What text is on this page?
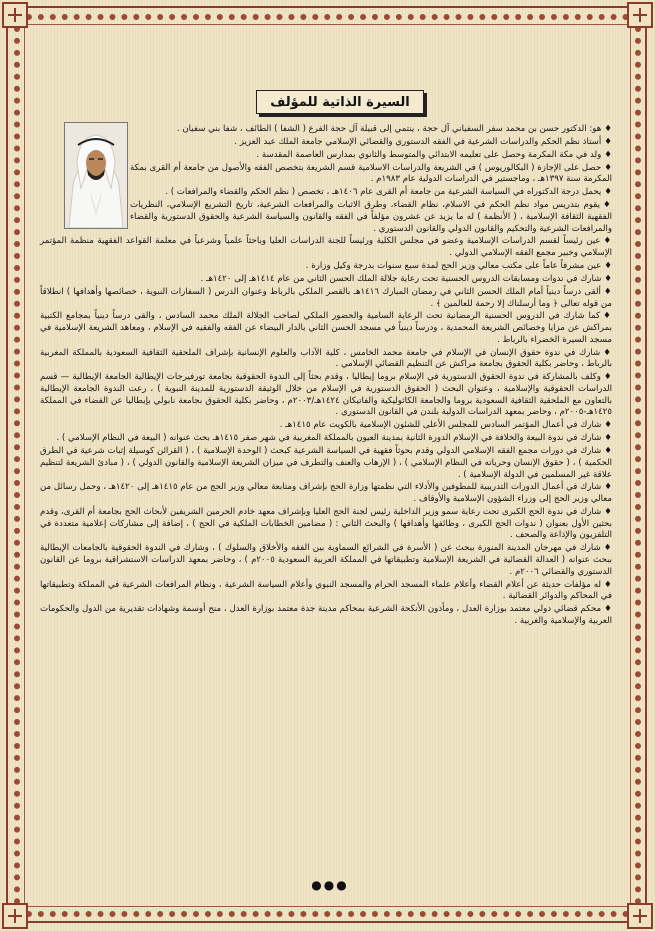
السيرة الذاتية للمؤلف

♦هو: الدكتور حسن بن محمد سفر السفياني آل حجة ، ينتمي إلى قبيلة آل حجة الفرع ( الشفا ) الطائف ، شفا بني سفيان .

♦أستاذ نظم الحكم والدراسات الشرعية في الفقه الدستوري والقضائي الإسلامي جامعة الملك عبد العزيز .

♦ولد في مكة المكرمة وحصل على تعليمه الابتدائي والمتوسط والثانوي بمدارس العاصمة المقدسة .

♦حصل على الإجازة ( البكالوريوس ) في الشريعة والدراسات الاسلامية قسم الشريعة بتخصص الفقه والأصول من جامعة أم القرى بمكة المكرمة سنة ١٣٩٧هـ ، وماجستير في الدراسات الدولية عام ١٩٨٣م .

♦يحمل درجة الدكتوراه في السياسة الشرعية من جامعة أم القرى عام ١٤٠٦هـ ، تخصص ( نظم الحكم والقضاء والمرافعات ) .

♦يقوم بتدريس مواد نظم الحكم في الاسلام، نظام القضاء، وطرق الاثبات والمرافعات الشرعية، تاريخ التشريع الإسلامي، النظريات الفقهية الثقافة الإسلامية ، ( الأنظمة ) له ما يزيد عن عشرون مؤلفاً في الفقه والقانون والسياسة الشرعية والحقوق الدستورية والقضاء والمرافعات الشرعية والتحكيم والقانون الدولي والقانون الدستوري .

♦عين رئيساً لقسم الدراسات الإسلامية وعضو في مجلس الكلية ورئيساً للجنة الدراسات العليا وباحثاً علمياً وشرعياً في معلمة القواعد الفقهية منظمة المؤتمر الإسلامي وخبير مجمع الفقه الإسلامي الدولي .

♦عين مشرفاً عاماً على مكتب معالي وزير الحج لمدة سبع سنوات بدرجة وكيل وزارة .

♦شارك في ندوات ومسابقات الدروس الحسنية تحت رعاية جلالة الملك الحسن الثاني من عام ١٤١٤هـ إلى ١٤٢٠هـ .

♦ألقى درساً دينياً أمام الملك الحسن الثاني في رمضان المبارك ١٤١٦هـ بالقصر الملكي بالرباط وعنوان الدرس ( السفارات النبوية ، خصائصها وأهدافها ) انطلاقاً من قوله تعالى ﴿ وما أرسلناك إلا رحمة للعالمين ﴾ .

♦كما شارك في الدروس الحسنية الرمضانية تحت الرعاية السامية والحضور الملكي لصاحب الجلالة الملك محمد السادس ، والقى درساً دينياً بمجامع الكتبية بمراكش عن مزايا وخصائص الشريعة المحمدية ، ودرساً دينياً في مسجد الحسن الثاني بالدار البيضاء عن الفقه والفقيه في الإسلام ، ومعاهد الشريعة الإسلامية في مسجد السيرة الخضراء بالرباط .

♦شارك في ندوة حقوق الإنسان في الإسلام في جامعة محمد الخامس ، كلية الآداب والعلوم الإنسانية بإشراف الملحقية الثقافية السعودية بالمملكة المغربية بالرباط ، وحاضر بكلية الحقوق بجامعة مراكش عن التنظيم القضائي الإسلامي .

♦وكلف بالمشاركة في ندوة الحقوق الدستورية في الإسلام بروما إيطاليا ، وقدم بحثاً إلى الندوة الحقوقية بجامعة تورفيرجات الإيطالية الجامعة الإيطالية — قسم الدراسات الحقوقية والإسلامية ، وعنوان البحث ( الحقوق الدستورية في الإسلام من خلال الوثيقة الدستورية للمدينة النبوية ) ، رعت الندوة الجامعة الإيطالية بالتعاون مع الملحقية الثقافية السعودية بروما والجامعة الكاثوليكية والفاتيكان ١٤٢٤هـ/٢٠٠٣م ، وحاضر بكلية الحقوق بجامعة نابولي بإيطاليا عن القضاء في المملكة ١٤٢٥هـ-٢٠٠٥م ، وحاضر بمعهد الدراسات الدولية بلندن في القانون الدستوري .

♦شارك في أعمال المؤتمر السادس للمجلس الأعلى للشئون الإسلامية بالكويت عام ١٤١٥هـ .

♦شارك في ندوة البيعة والخلافة في الإسلام الدورة الثانية بمدينة العيون بالمملكة المغربية في شهر صفر ١٤١٥هـ بحث عنوانه ( البيعة في النظام الإسلامي ) .

♦شارك في دورات مجمع الفقه الإسلامي الدولي وقدم بحوثاً فقهية في السياسة الشرعية كبحث ( الوحدة الإسلامية ) ، ( القرائن كوسيلة إثبات شرعية في الطرق الحكمية ) ، ( حقوق الإنسان وحرياته في النظام الإسلامي ) ، ( الإرهاب والعنف والتطرف في ميزان الشريعة الإسلامية والقانون الدولي ) ، ( مبادئ الشريعة لتنظيم علاقة غير المسلمين في الدولة الإسلامية ) .

♦شارك في أعمال الدورات التدريبية للمطوفين والأدلاء التي نظمتها وزارة الحج بإشراف ومتابعة معالي وزير الحج من عام ١٤١٥هـ إلى ١٤٢٠هـ ، وحمل رسائل من معالي وزير الحج إلى وزراء الشؤون الإسلامية والأوقاف .

♦شارك في ندوة الحج الكبرى تحت رعاية سمو وزير الداخلية رئيس لجنة الحج العليا وبإشراف معهد خادم الحرمين الشريفين لأبحاث الحج بجامعة أم القرى، وقدم بحثين الأول بعنوان ( ندوات الحج الكبرى ، وظائفها وأهدافها ) والبحث الثاني : ( مضامين الخطابات الملكية في الحج ) ، إضافة إلى مشاركات إعلامية متعددة في التلفزيون والإذاعة والصحف .

♦شارك في مهرجان المدينة المنورة ببحث عن ( الأسرة في الشرائع السماوية بين الفقه والأخلاق والسلوك ) ، وشارك في الندوة الحقوقية بالجامعات الإيطالية ببحث عنوانه ( العدالة القضائية في الشريعة الإسلامية وتطبيقاتها في المملكة العربية السعودية ٢٠٠٥م ) ، وحاضر بمعهد الدراسات الاستشراقية بروما عن القانون الدستوري والقضائي ٢٠٠٦م .

♦له مؤلفات حديثة عن أعلام القضاء وأعلام علماء المسجد الحرام والمسجد النبوي وأعلام السياسة الشرعية ، ونظام المرافعات الشرعية في المملكة وتطبيقاتها في المحاكم والدوائر القضائية .

♦محكم قضائي دولي معتمد بوزارة العدل ، ومأذون الأنكحة الشرعية بمحاكم مدينة جدة معتمد بوزارة العدل ، منح أوسمة وشهادات تقديرية من الدول والحكومات العربية والإسلامية والغربية .

●●●
